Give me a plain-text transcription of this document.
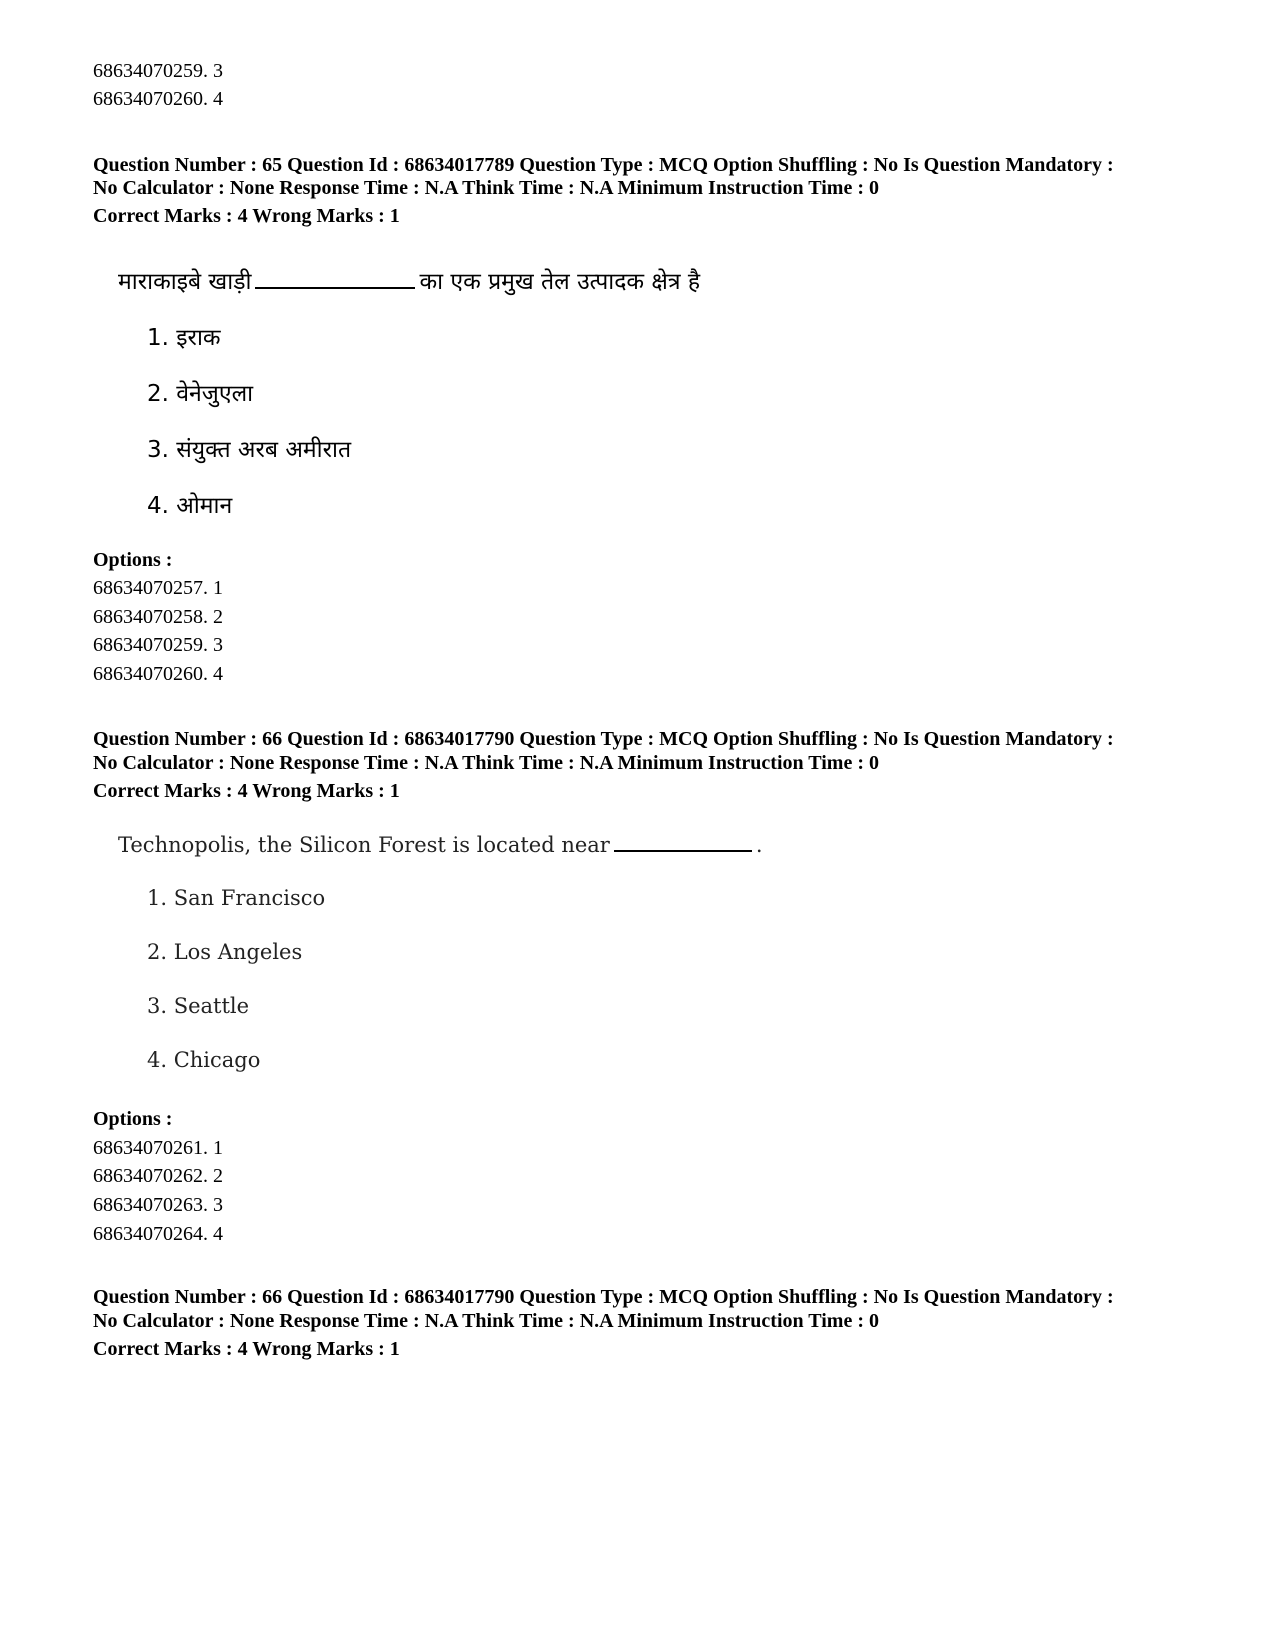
68634070259. 3
68634070260. 4
Question Number : 65 Question Id : 68634017789 Question Type : MCQ Option Shuffling : No Is Question Mandatory :
No Calculator : None Response Time : N.A Think Time : N.A Minimum Instruction Time : 0
Correct Marks : 4 Wrong Marks : 1
माराकाइबे खाड़ी	का एक प्रमुख तेल उत्पादक क्षेत्र है
1. इराक
2. वेनेजुएला
3. संयुक्त अरब अमीरात
4. ओमान
Options :
68634070257. 1
68634070258. 2
68634070259. 3
68634070260. 4
Question Number : 66 Question Id : 68634017790 Question Type : MCQ Option Shuffling : No Is Question Mandatory :
No Calculator : None Response Time : N.A Think Time : N.A Minimum Instruction Time : 0
Correct Marks : 4 Wrong Marks : 1
Technopolis, the Silicon Forest is located near	.
1. San Francisco
2. Los Angeles
3. Seattle
4. Chicago
Options :
68634070261. 1
68634070262. 2
68634070263. 3
68634070264. 4
Question Number : 66 Question Id : 68634017790 Question Type : MCQ Option Shuffling : No Is Question Mandatory :
No Calculator : None Response Time : N.A Think Time : N.A Minimum Instruction Time : 0
Correct Marks : 4 Wrong Marks : 1
